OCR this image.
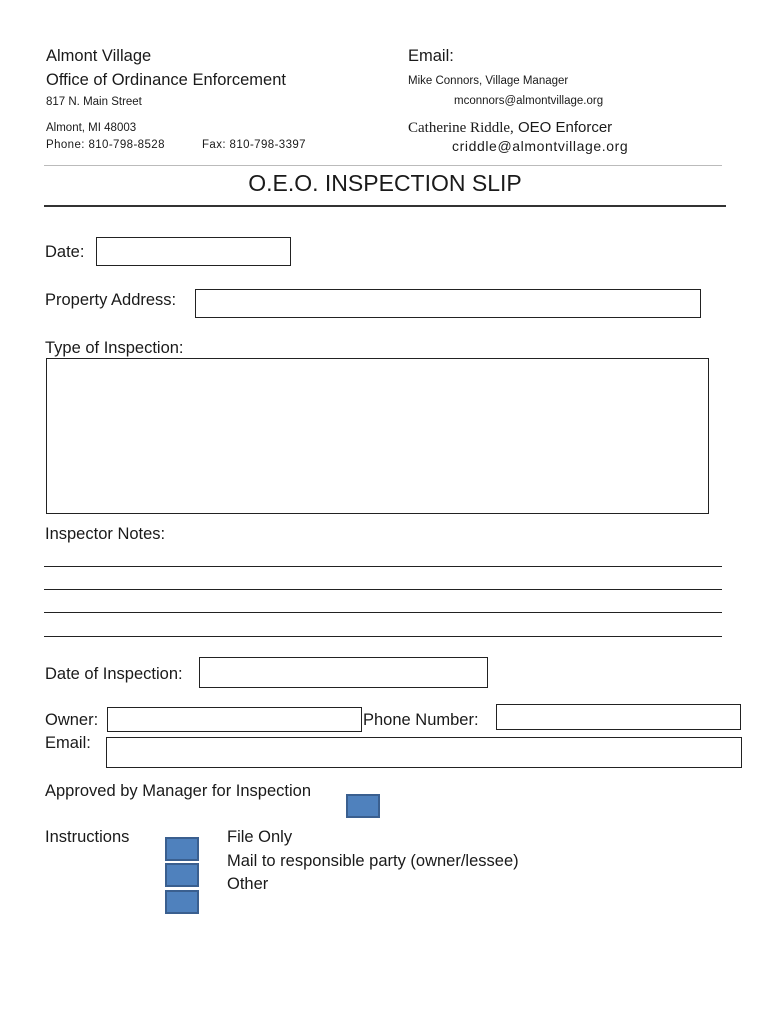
Almont Village
Office of Ordinance Enforcement
817 N. Main Street
Almont, MI 48003
Phone: 810-798-8528	Fax: 810-798-3397
Email:
Mike Connors, Village Manager
mconnors@almontvillage.org
Catherine Riddle, OEO Enforcer
criddle@almontvillage.org
O.E.O. INSPECTION SLIP
Date:
Property Address:
Type of Inspection:
Inspector Notes:
Date of Inspection:
Owner:	Phone Number:
Email:
Approved by Manager for Inspection
Instructions	File Only
Mail to responsible party (owner/lessee)
Other
